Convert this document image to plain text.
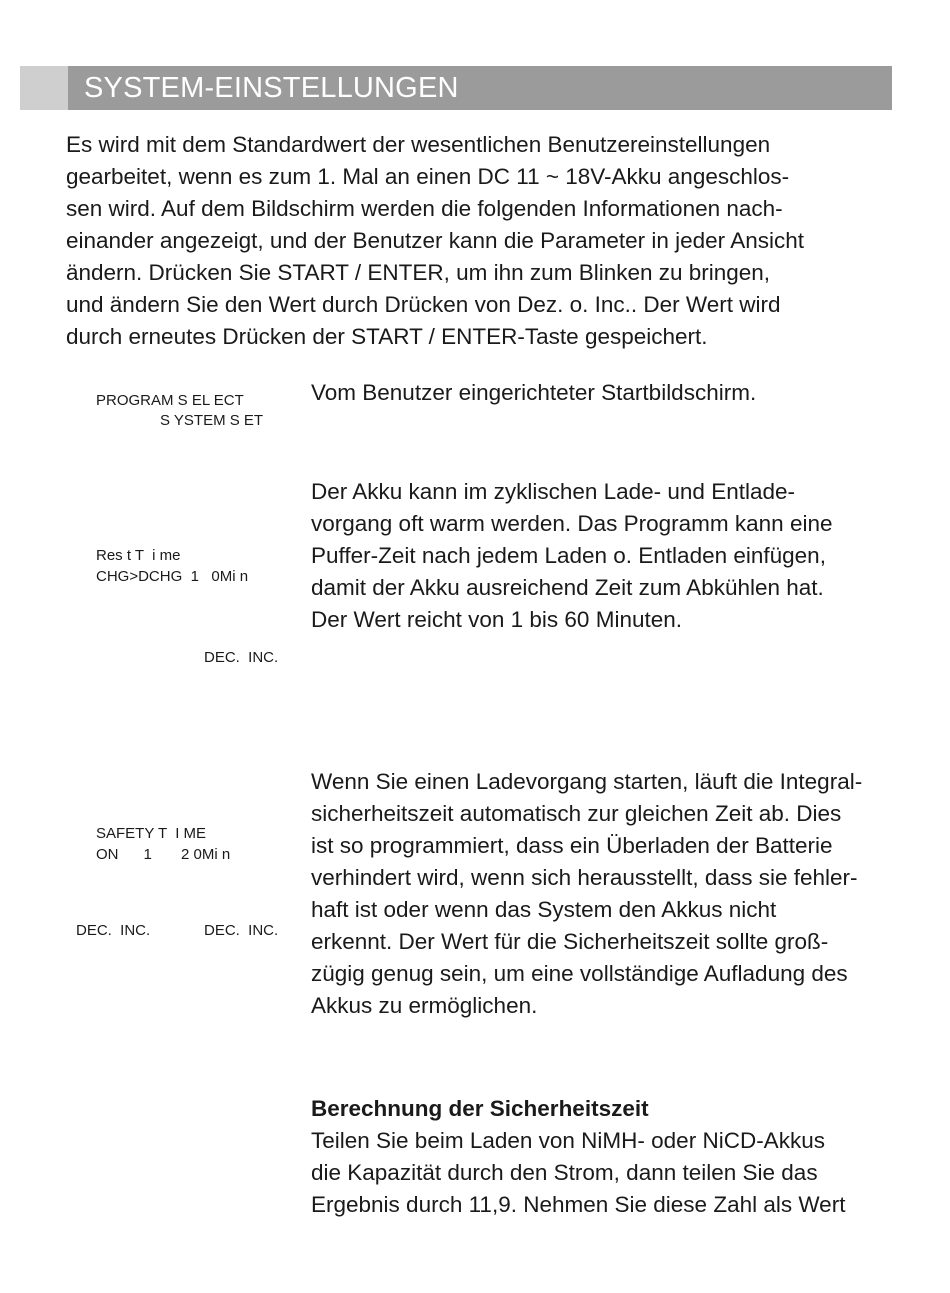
SYSTEM-EINSTELLUNGEN
Es wird mit dem Standardwert der wesentlichen Benutzereinstellungen
gearbeitet, wenn es zum 1. Mal an einen DC 11 ~ 18V-Akku angeschlos-
sen wird. Auf dem Bildschirm werden die folgenden Informationen nach-
einander angezeigt, und der Benutzer kann die Parameter in jeder Ansicht
ändern. Drücken Sie START / ENTER, um ihn zum Blinken zu bringen,
und ändern Sie den Wert durch Drücken von Dez. o. Inc.. Der Wert wird
durch erneutes Drücken der START / ENTER-Taste gespeichert.
PROGRAM S EL ECT
S YSTEM S ET
Vom Benutzer eingerichteter Startbildschirm.
Res t T  i me
CHG>DCHG  1   0Mi n
DEC.  INC.
Der Akku kann im zyklischen Lade- und Entlade-
vorgang oft warm werden. Das Programm kann eine
Puffer-Zeit nach jedem Laden o. Entladen einfügen,
damit der Akku ausreichend Zeit zum Abkühlen hat.
Der Wert reicht von 1 bis 60 Minuten.
SAFETY T  I ME
ON      1       2 0Mi n
DEC.  INC.	DEC.  INC.
Wenn Sie einen Ladevorgang starten, läuft die Integral-
sicherheitszeit automatisch zur gleichen Zeit ab. Dies
ist so programmiert, dass ein Überladen der Batterie
verhindert wird, wenn sich herausstellt, dass sie fehler-
haft ist oder wenn das System den Akkus nicht
erkennt. Der Wert für die Sicherheitszeit sollte groß-
zügig genug sein, um eine vollständige Aufladung des
Akkus zu ermöglichen.
Berechnung der Sicherheitszeit
Teilen Sie beim Laden von NiMH- oder NiCD-Akkus
die Kapazität durch den Strom, dann teilen Sie das
Ergebnis durch 11,9. Nehmen Sie diese Zahl als Wert
